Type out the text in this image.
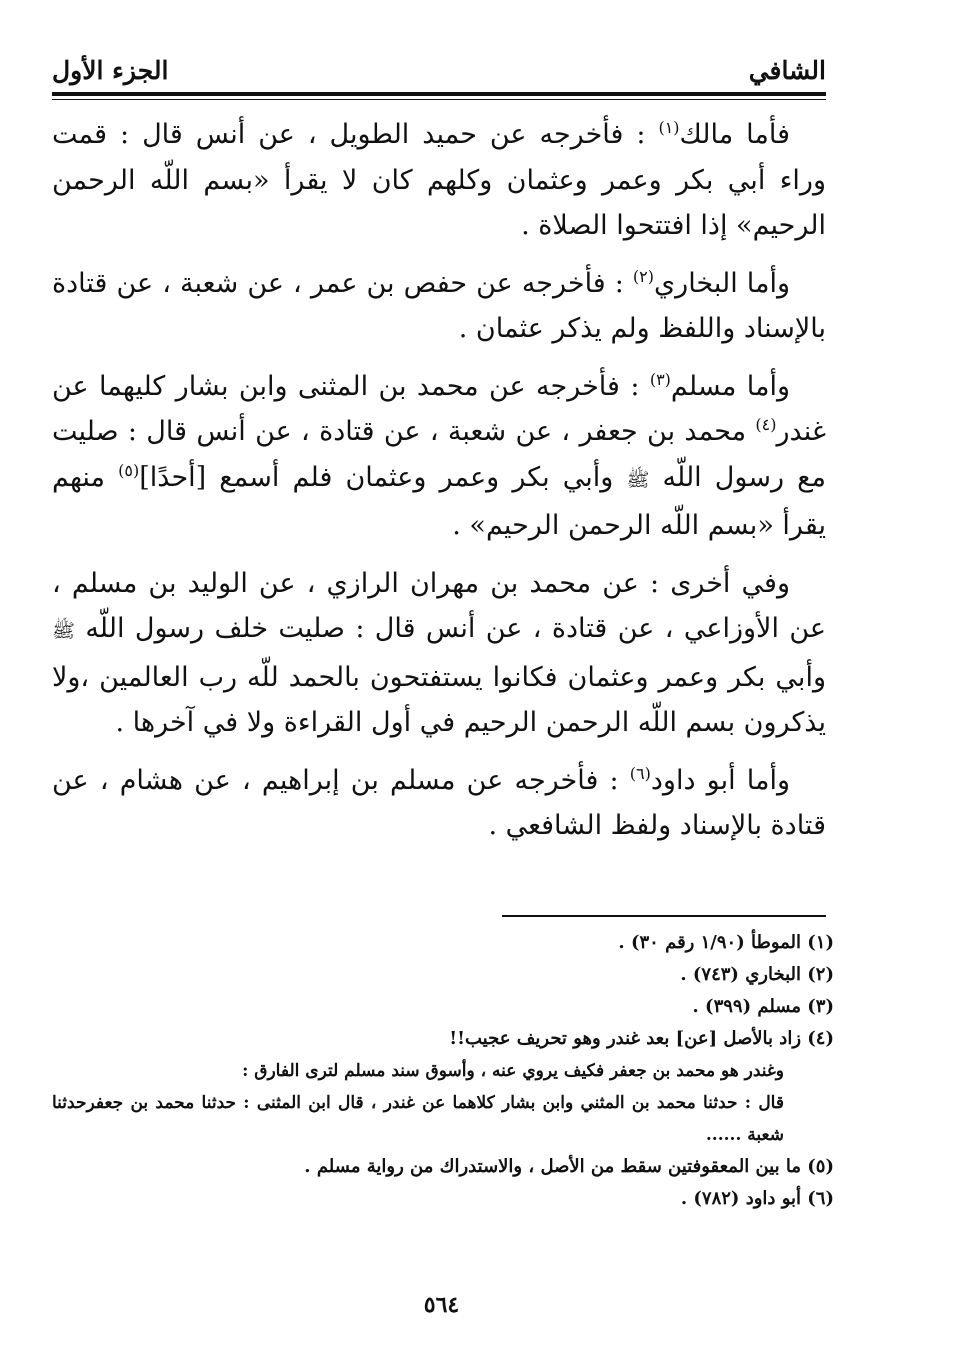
الشافي
الجزء الأول

فأما مالك$^{(١)}$ : فأخرجه عن حميد الطويل ، عن أنس قال : قمت وراء أبي بكر وعمر وعثمان وكلهم كان لا يقرأ «بسم اللّه الرحمن الرحيم» إذا افتتحوا الصلاة .

وأما البخاري$^{(٢)}$ : فأخرجه عن حفص بن عمر ، عن شعبة ، عن قتادة بالإسناد واللفظ ولم يذكر عثمان .

وأما مسلم$^{(٣)}$ : فأخرجه عن محمد بن المثنى وابن بشار كليهما عن غندر$^{(٤)}$ محمد بن جعفر ، عن شعبة ، عن قتادة ، عن أنس قال : صليت مع رسول اللّه ﷺ وأبي بكر وعمر وعثمان فلم أسمع [أحدًا]$^{(٥)}$ منهم يقرأ «بسم اللّه الرحمن الرحيم» .

وفي أخرى : عن محمد بن مهران الرازي ، عن الوليد بن مسلم ، عن الأوزاعي ، عن قتادة ، عن أنس قال : صليت خلف رسول اللّه ﷺ وأبي بكر وعمر وعثمان فكانوا يستفتحون بالحمد للّه رب العالمين ،ولا يذكرون بسم اللّه الرحمن الرحيم في أول القراءة ولا في آخرها .

وأما أبو داود$^{(٦)}$ : فأخرجه عن مسلم بن إبراهيم ، عن هشام ، عن قتادة بالإسناد ولفظ الشافعي .

(١) الموطأ (١/٩٠ رقم ٣٠) .

(٢) البخاري (٧٤٣) .

(٣) مسلم (٣٩٩) .

(٤) زاد بالأصل [عن] بعد غندر وهو تحريف عجيب!!

وغندر هو محمد بن جعفر فكيف يروي عنه ، وأسوق سند مسلم لترى الفارق :

قال : حدثنا محمد بن المثني وابن بشار كلاهما عن غندر ، قال ابن المثنى : حدثنا محمد بن جعفرحدثنا شعبة ......

(٥) ما بين المعقوفتين سقط من الأصل ، والاستدراك من رواية مسلم .

(٦) أبو داود (٧٨٢) .

٥٦٤
